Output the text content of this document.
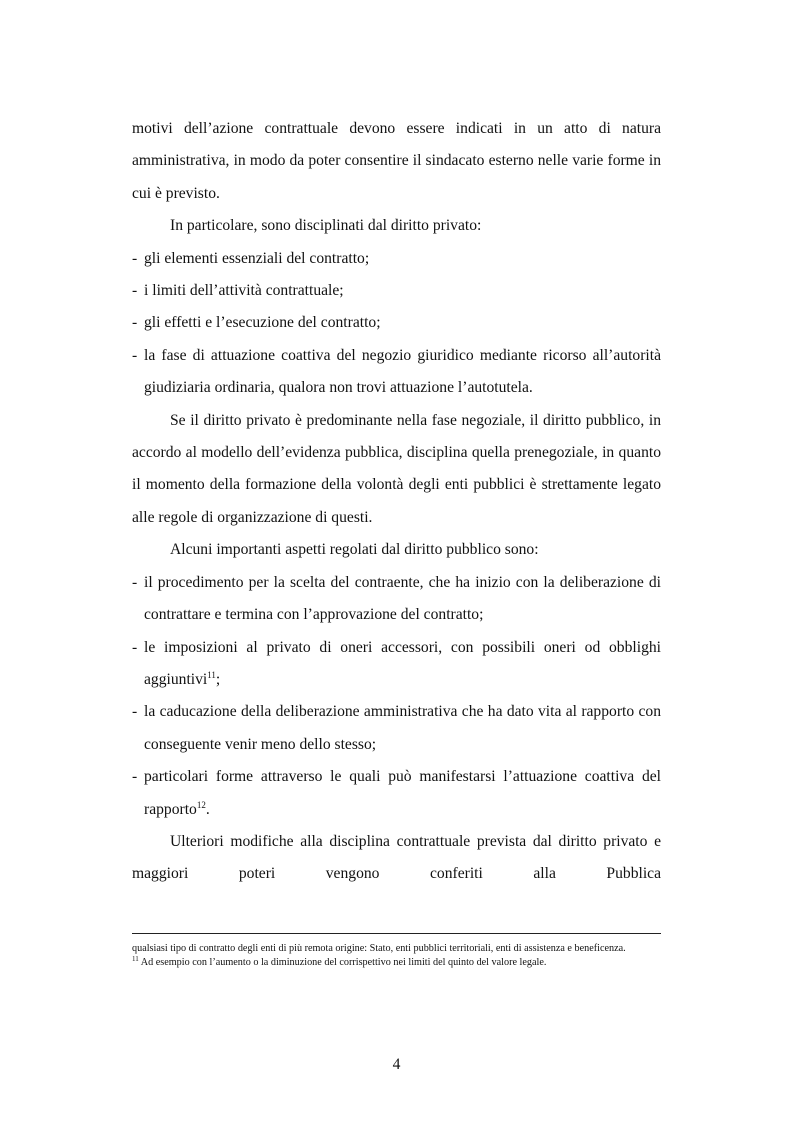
motivi dell’azione contrattuale devono essere indicati in un atto di natura amministrativa, in modo da poter consentire il sindacato esterno nelle varie forme in cui è previsto.

In particolare, sono disciplinati dal diritto privato:

- gli elementi essenziali del contratto;
- i limiti dell’attività contrattuale;
- gli effetti e l’esecuzione del contratto;
- la fase di attuazione coattiva del negozio giuridico mediante ricorso all’autorità giudiziaria ordinaria, qualora non trovi attuazione l’autotutela.

Se il diritto privato è predominante nella fase negoziale, il diritto pubblico, in accordo al modello dell’evidenza pubblica, disciplina quella prenegoziale, in quanto il momento della formazione della volontà degli enti pubblici è strettamente legato alle regole di organizzazione di questi.

Alcuni importanti aspetti regolati dal diritto pubblico sono:

- il procedimento per la scelta del contraente, che ha inizio con la deliberazione di contrattare e termina con l’approvazione del contratto;
- le imposizioni al privato di oneri accessori, con possibili oneri od obblighi aggiuntivi$^{11}$;
- la caducazione della deliberazione amministrativa che ha dato vita al rapporto con conseguente venir meno dello stesso;
- particolari forme attraverso le quali può manifestarsi l’attuazione coattiva del rapporto$^{12}$.

Ulteriori modifiche alla disciplina contrattuale prevista dal diritto privato e maggiori poteri vengono conferiti alla Pubblica

qualsiasi tipo di contratto degli enti di più remota origine: Stato, enti pubblici territoriali, enti di assistenza e beneficenza.

$^{11}$ Ad esempio con l’aumento o la diminuzione del corrispettivo nei limiti del quinto del valore legale.

4
